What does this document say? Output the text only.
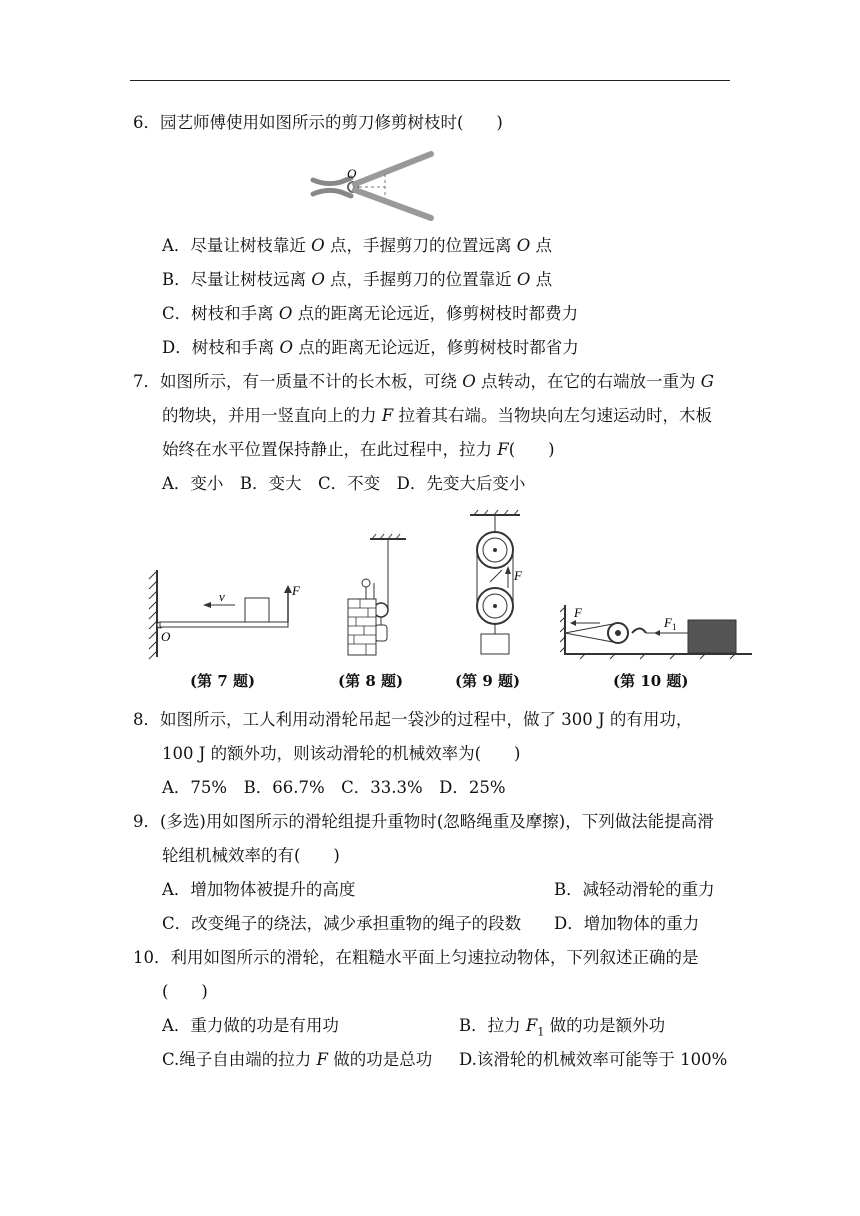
6．园艺师傅使用如图所示的剪刀修剪树枝时(　　)
O
A．尽量让树枝靠近 O 点，手握剪刀的位置远离 O 点
B．尽量让树枝远离 O 点，手握剪刀的位置靠近 O 点
C．树枝和手离 O 点的距离无论远近，修剪树枝时都费力
D．树枝和手离 O 点的距离无论远近，修剪树枝时都省力
7．如图所示，有一质量不计的长木板，可绕 O 点转动，在它的右端放一重为 G
的物块，并用一竖直向上的力 F 拉着其右端。当物块向左匀速运动时，木板
始终在水平位置保持静止，在此过程中，拉力 F(　　)
A．变小　B．变大　C．不变　D．先变大后变小
v	F
O
(第 7 题)	(第 8 题)
F
(第 9 题)
F
$F_1$
(第 10 题)
8．如图所示，工人利用动滑轮吊起一袋沙的过程中，做了 300 J 的有用功，
100 J 的额外功，则该动滑轮的机械效率为(　　)
A．75%　B．66.7%　C．33.3%　D．25%
9．(多选)用如图所示的滑轮组提升重物时(忽略绳重及摩擦)，下列做法能提高滑
轮组机械效率的有(　　)
A．增加物体被提升的高度	B．减轻动滑轮的重力
C．改变绳子的绕法，减少承担重物的绳子的段数 D．增加物体的重力
10．利用如图所示的滑轮，在粗糙水平面上匀速拉动物体，下列叙述正确的是
(　　)
A．重力做的功是有用功	B．拉力 $F_1$ 做的功是额外功
C.绳子自由端的拉力 F 做的功是总功 D.该滑轮的机械效率可能等于 100%
